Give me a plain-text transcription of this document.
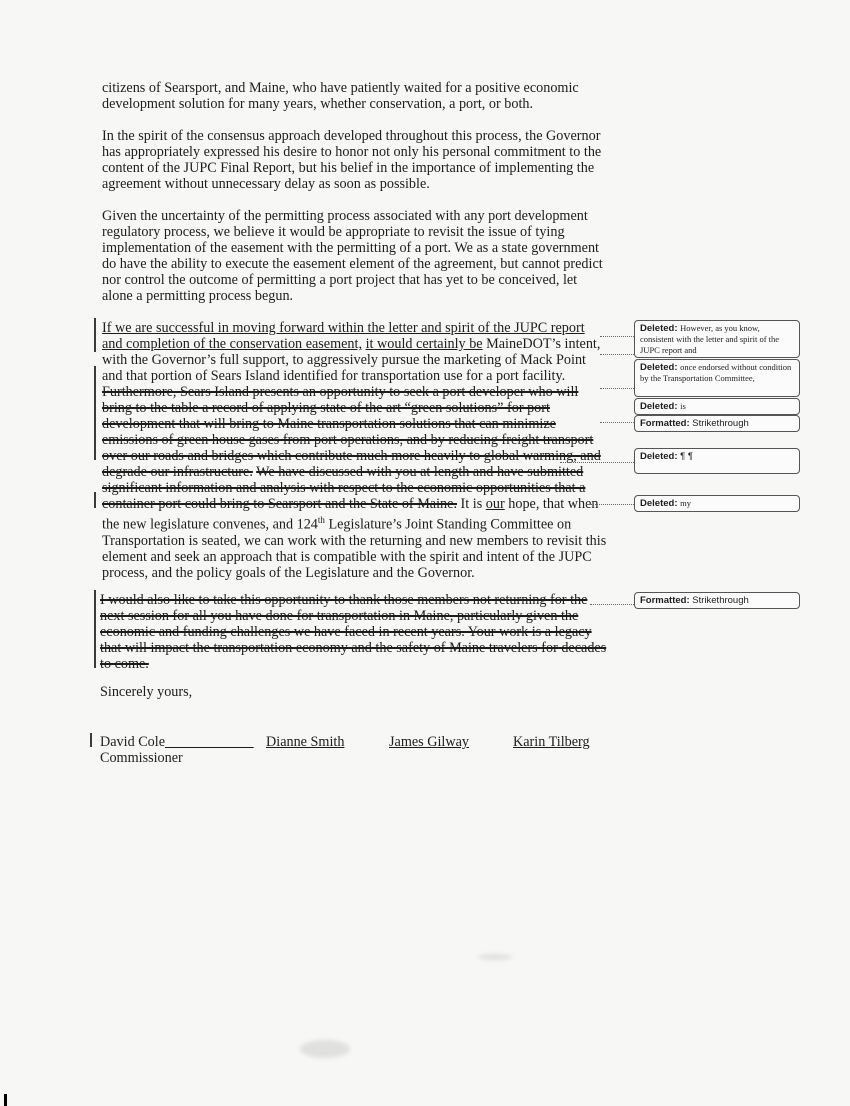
citizens of Searsport, and Maine, who have patiently waited for a positive economic development solution for many years, whether conservation, a port, or both.

In the spirit of the consensus approach developed throughout this process, the Governor has appropriately expressed his desire to honor not only his personal commitment to the content of the JUPC Final Report, but his belief in the importance of implementing the agreement without unnecessary delay as soon as possible.

Given the uncertainty of the permitting process associated with any port development regulatory process, we believe it would be appropriate to revisit the issue of tying implementation of the easement with the permitting of a port. We as a state government do have the ability to execute the easement element of the agreement, but cannot predict nor control the outcome of permitting a port project that has yet to be conceived, let alone a permitting process begun.

If we are successful in moving forward within the letter and spirit of the JUPC report and completion of the conservation easement, it would certainly be MaineDOT’s intent, with the Governor’s full support, to aggressively pursue the marketing of Mack Point and that portion of Sears Island identified for transportation use for a port facility. Furthermore, Sears Island presents an opportunity to seek a port developer who will bring to the table a record of applying state of the art “green solutions” for port development that will bring to Maine transportation solutions that can minimize emissions of green house gases from port operations, and by reducing freight transport over our roads and bridges which contribute much more heavily to global warming, and degrade our infrastructure. We have discussed with you at length and have submitted significant information and analysis with respect to the economic opportunities that a container port could bring to Searsport and the State of Maine. It is our hope, that when the new legislature convenes, and 124th Legislature’s Joint Standing Committee on Transportation is seated, we can work with the returning and new members to revisit this element and seek an approach that is compatible with the spirit and intent of the JUPC process, and the policy goals of the Legislature and the Governor.

I would also like to take this opportunity to thank those members not returning for the next session for all you have done for transportation in Maine, particularly given the economic and funding challenges we have faced in recent years. Your work is a legacy that will impact the transportation economy and the safety of Maine travelers for decades to come.

Sincerely yours,

David Cole
Commissioner
Dianne Smith	James Gilway	Karin Tilberg
Deleted: However, as you know, consistent with the letter and spirit of the JUPC report and
Deleted: once endorsed without condition by the Transportation Committee,
Deleted: is
Formatted: Strikethrough
Deleted: ¶ ¶
Deleted: my
Formatted: Strikethrough
